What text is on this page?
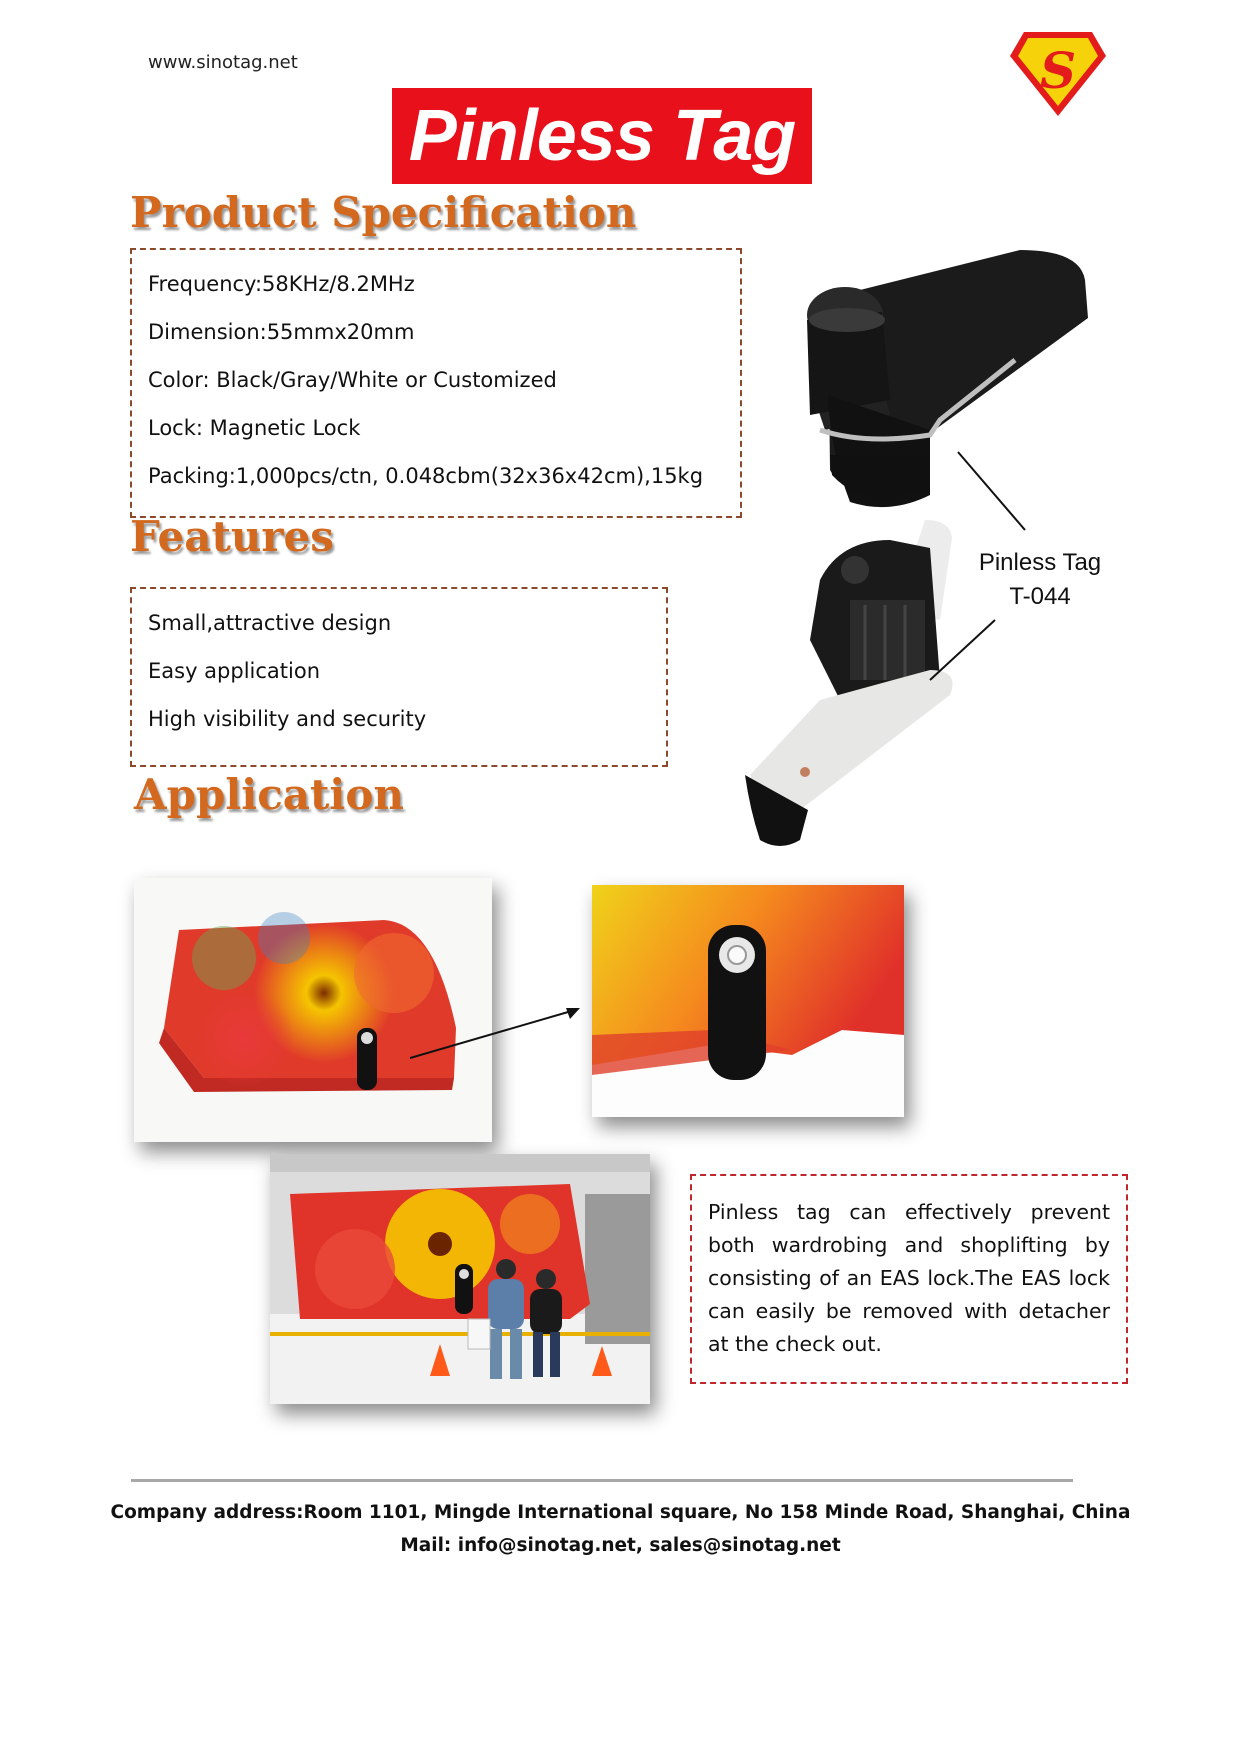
www.sinotag.net	S
Pinless Tag
Product Specification
Frequency:58KHz/8.2MHz
Dimension:55mmx20mm
Color: Black/Gray/White or Customized
Lock: Magnetic Lock
Packing:1,000pcs/ctn, 0.048cbm(32x36x42cm),15kg
Features
Small,attractive design
Easy application
High visibility and security
Pinless Tag
T-044
Application

Pinless tag can effectively prevent both wardrobing and shoplifting by consisting of an EAS lock.The EAS lock can easily be removed with detacher at the check out.

Company address:Room 1101, Mingde International square, No 158 Minde Road, Shanghai, China
Mail: info@sinotag.net, sales@sinotag.net
